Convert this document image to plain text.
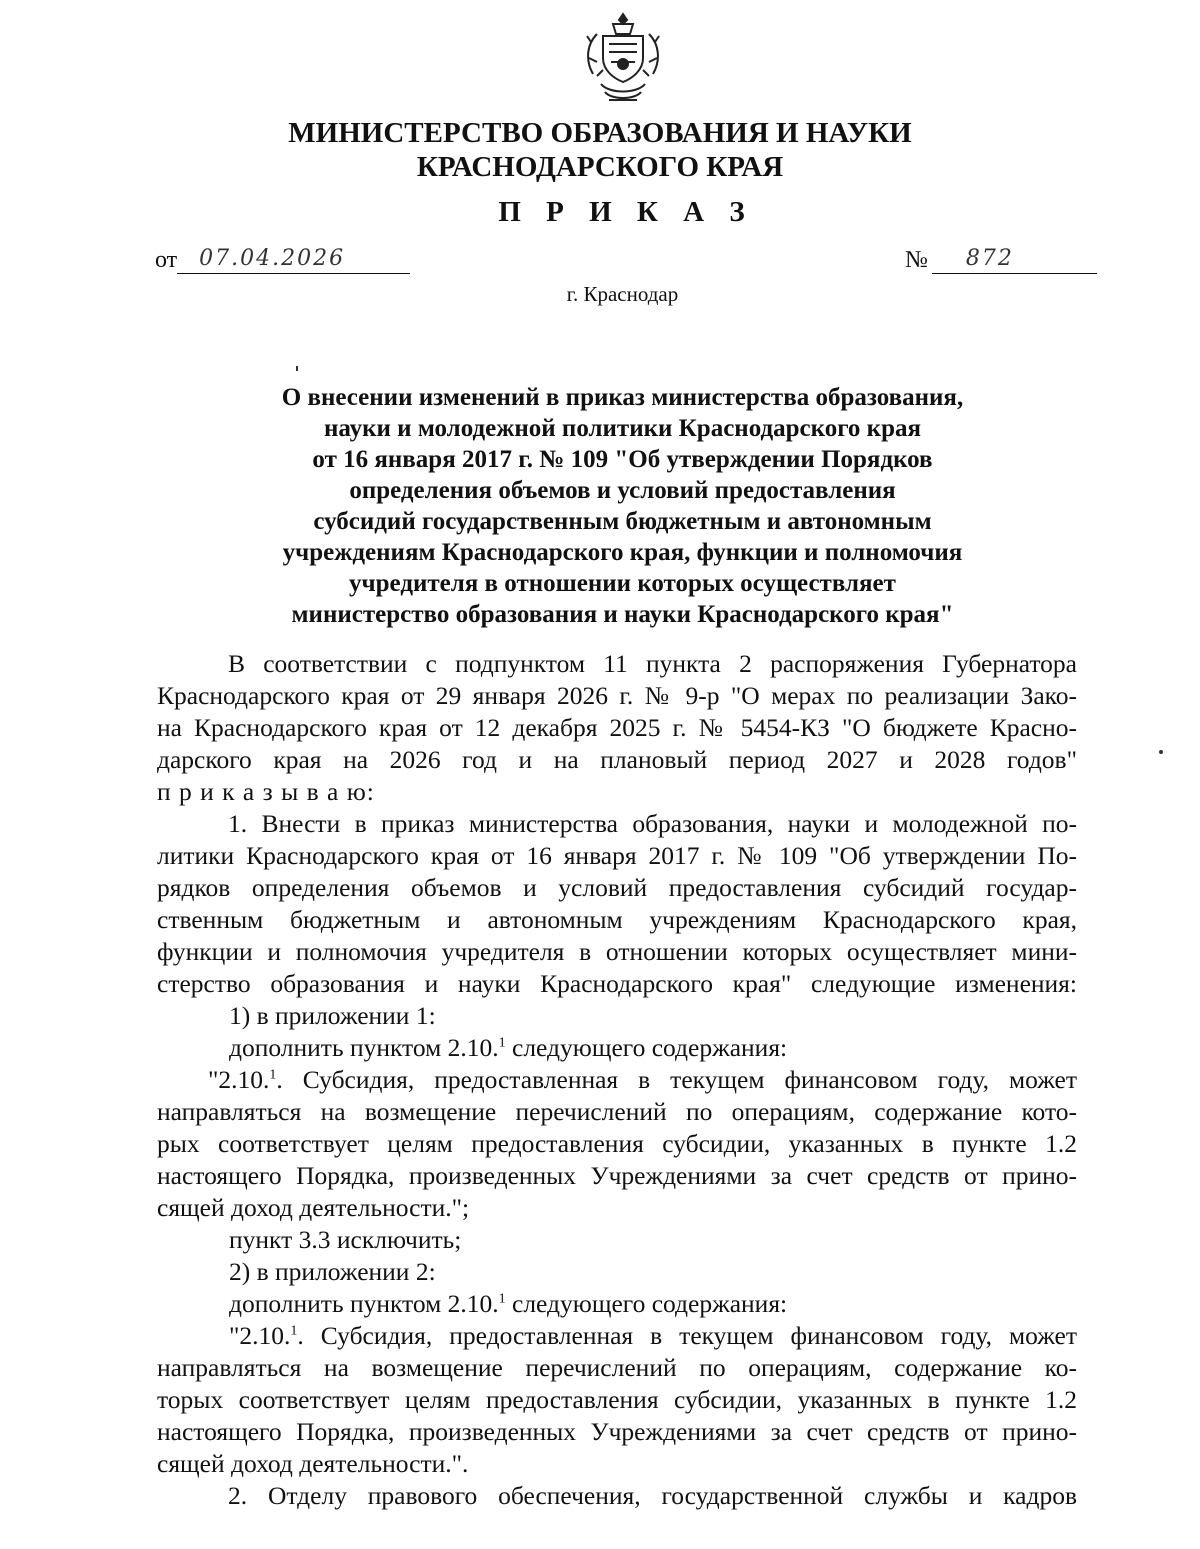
МИНИСТЕРСТВО ОБРАЗОВАНИЯ И НАУКИ
КРАСНОДАРСКОГО КРАЯ
П Р И К А З
от 07.04.2026	№ 872
г. Краснодар
О внесении изменений в приказ министерства образования,
науки и молодежной политики Краснодарского края
от 16 января 2017 г. № 109 "Об утверждении Порядков
определения объемов и условий предоставления
субсидий государственным бюджетным и автономным
учреждениям Краснодарского края, функции и полномочия
учредителя в отношении которых осуществляет
министерство образования и науки Краснодарского края"

В соответствии с подпунктом 11 пункта 2 распоряжения Губернатора

Краснодарского края от 29 января 2026 г. № 9-р "О мерах по реализации Зако-

на Краснодарского края от 12 декабря 2025 г. № 5454-КЗ "О бюджете Красно-

дарского края на 2026 год и на плановый период 2027 и 2028 годов"

п р и к а з ы в а ю:

1. Внести в приказ министерства образования, науки и молодежной по-

литики Краснодарского края от 16 января 2017 г. № 109 "Об утверждении По-

рядков определения объемов и условий предоставления субсидий государ-

ственным бюджетным и автономным учреждениям Краснодарского края,

функции и полномочия учредителя в отношении которых осуществляет мини-

стерство образования и науки Краснодарского края" следующие изменения:

1) в приложении 1:

дополнить пунктом 2.10.$^1$ следующего содержания:

"2.10.$^1$. Субсидия, предоставленная в текущем финансовом году, может

направляться на возмещение перечислений по операциям, содержание кото-

рых соответствует целям предоставления субсидии, указанных в пункте 1.2

настоящего Порядка, произведенных Учреждениями за счет средств от прино-

сящей доход деятельности.";

пункт 3.3 исключить;

2) в приложении 2:

дополнить пунктом 2.10.$^1$ следующего содержания:

"2.10.$^1$. Субсидия, предоставленная в текущем финансовом году, может

направляться на возмещение перечислений по операциям, содержание ко-

торых соответствует целям предоставления субсидии, указанных в пункте 1.2

настоящего Порядка, произведенных Учреждениями за счет средств от прино-

сящей доход деятельности.".

2. Отделу правового обеспечения, государственной службы и кадров
